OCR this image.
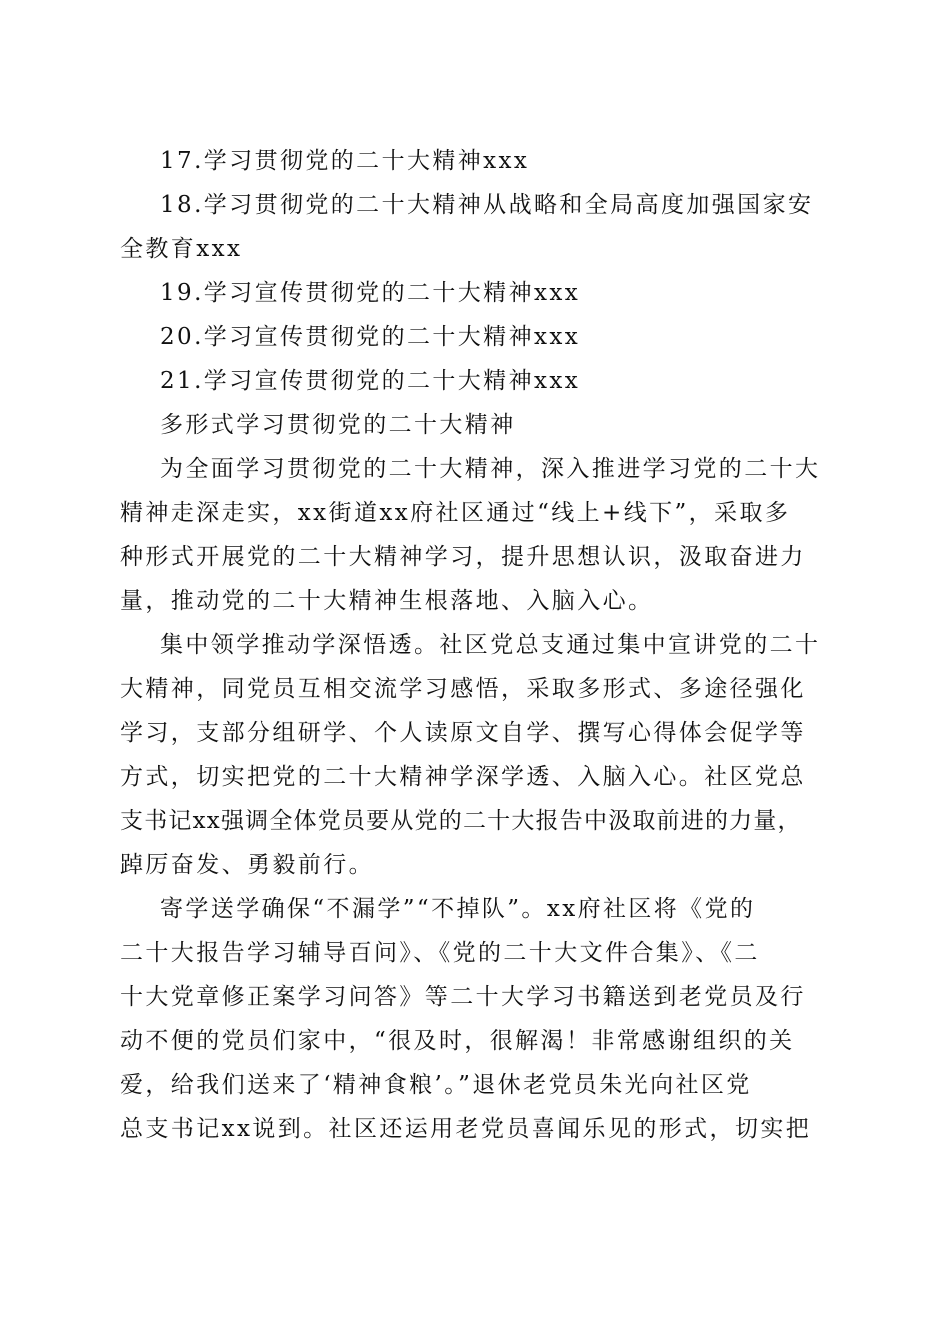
17.学习贯彻党的二十大精神xxx
18.学习贯彻党的二十大精神从战略和全局高度加强国家安
全教育xxx
19.学习宣传贯彻党的二十大精神xxx
20.学习宣传贯彻党的二十大精神xxx
21.学习宣传贯彻党的二十大精神xxx
多形式学习贯彻党的二十大精神
为全面学习贯彻党的二十大精神，深入推进学习党的二十大
精神走深走实，xx街道xx府社区通过“线上+线下”，采取多
种形式开展党的二十大精神学习，提升思想认识，汲取奋进力
量，推动党的二十大精神生根落地、入脑入心。
集中领学推动学深悟透。社区党总支通过集中宣讲党的二十
大精神，同党员互相交流学习感悟，采取多形式、多途径强化
学习，支部分组研学、个人读原文自学、撰写心得体会促学等
方式，切实把党的二十大精神学深学透、入脑入心。社区党总
支书记xx强调全体党员要从党的二十大报告中汲取前进的力量，
踔厉奋发、勇毅前行。
寄学送学确保“不漏学”“不掉队”。xx府社区将《党的
二十大报告学习辅导百问》、《党的二十大文件合集》、《二
十大党章修正案学习问答》等二十大学习书籍送到老党员及行
动不便的党员们家中，“很及时，很解渴！非常感谢组织的关
爱，给我们送来了‘精神食粮’。”退休老党员朱光向社区党
总支书记xx说到。社区还运用老党员喜闻乐见的形式，切实把
